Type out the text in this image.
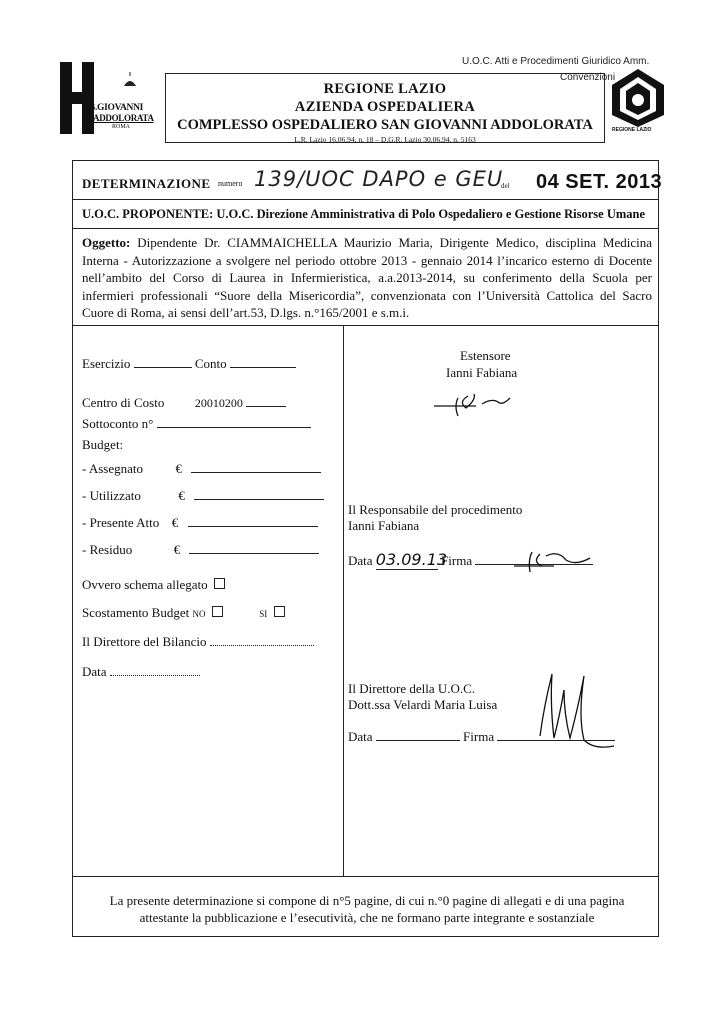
S.GIOVANNI
ADDOLORATA
ROMA
U.O.C. Atti e Procedimenti Giuridico Amm.
Convenzioni
REGIONE LAZIO
AZIENDA OSPEDALIERA
COMPLESSO OSPEDALIERO SAN GIOVANNI ADDOLORATA
L.R. Lazio 16.06.94, n. 18 – D.G.R. Lazio 30.06.94, n. 5163
REGIONE LAZIO
DETERMINAZIONE numero 139/UOC DAPO e GEU
del 04 SET. 2013
U.O.C. PROPONENTE: U.O.C. Direzione Amministrativa di Polo Ospedaliero e Gestione Risorse Umane
Oggetto: Dipendente Dr. CIAMMAICHELLA Maurizio Maria, Dirigente Medico, disciplina Medicina Interna - Autorizzazione a svolgere nel periodo ottobre 2013 - gennaio 2014 l’incarico esterno di Docente nell’ambito del Corso di Laurea in Infermieristica, a.a.2013-2014, su conferimento della Scuola per infermieri professionali “Suore della Misericordia”, convenzionata con l’Università Cattolica del Sacro Cuore di Roma, ai sensi dell’art.53, D.lgs. n.°165/2001 e s.m.i.
Esercizio	Conto
Centro di Costo	20010200
Sottoconto n°
Budget:
- Assegnato	€
- Utilizzato	€
- Presente Atto €
- Residuo	€
Ovvero schema allegato
Scostamento Budget NO	SI
Il Direttore del Bilancio
Data
Estensore
Ianni Fabiana
Il Responsabile del procedimento
Ianni Fabiana
Data 03.09.13 Firma
Il Direttore della U.O.C.
Dott.ssa Velardi Maria Luisa
Data	Firma
La presente determinazione si compone di n°5 pagine, di cui n.°0 pagine di allegati e di una pagina
attestante la pubblicazione e l’esecutività, che ne formano parte integrante e sostanziale
